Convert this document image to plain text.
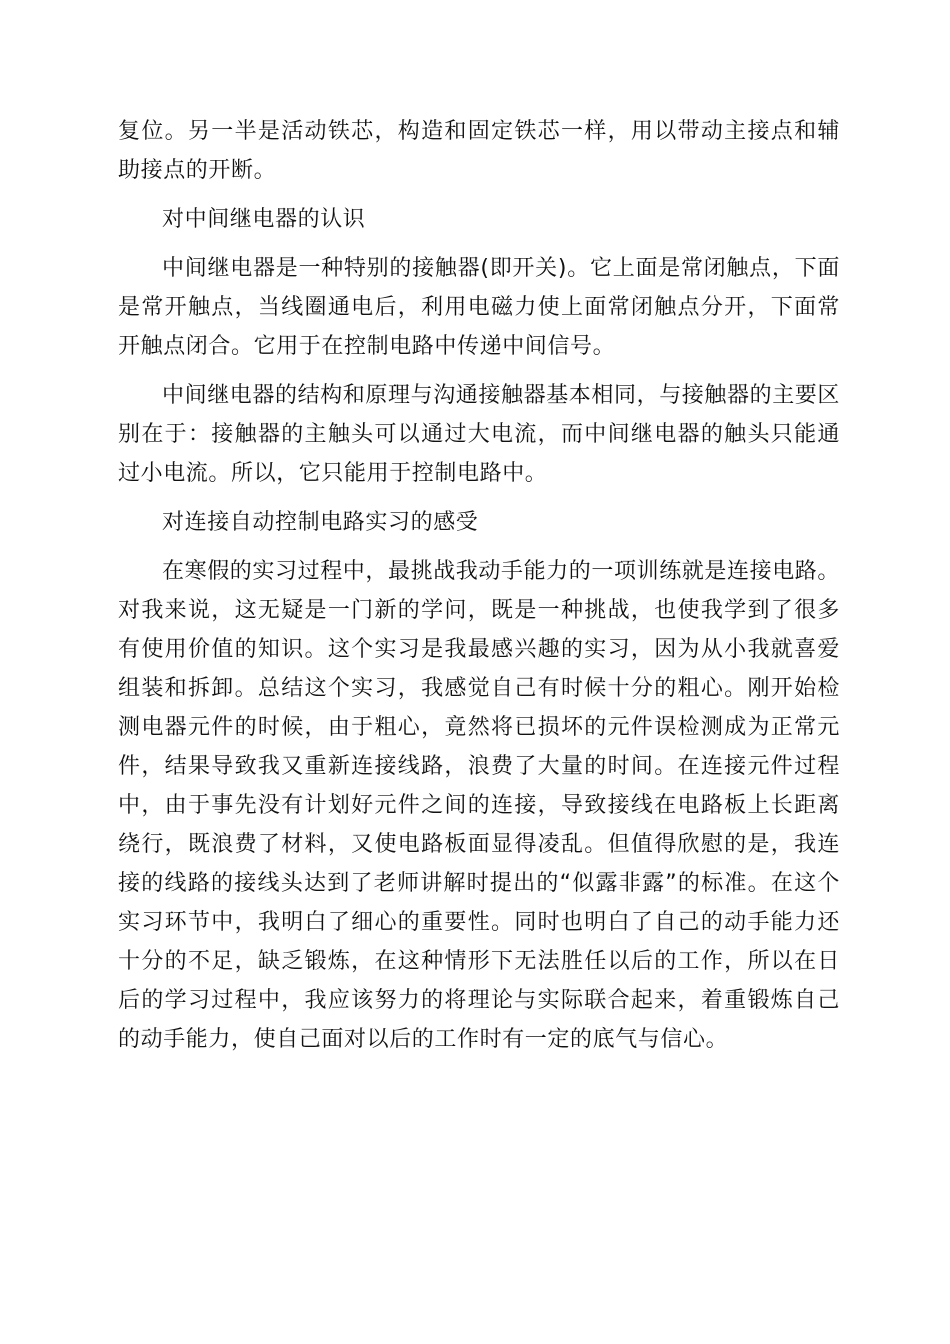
复位。另一半是活动铁芯，构造和固定铁芯一样，用以带动主接点和辅助接点的开断。

对中间继电器的认识

中间继电器是一种特别的接触器(即开关)。它上面是常闭触点，下面是常开触点，当线圈通电后，利用电磁力使上面常闭触点分开，下面常开触点闭合。它用于在控制电路中传递中间信号。

中间继电器的结构和原理与沟通接触器基本相同，与接触器的主要区别在于：接触器的主触头可以通过大电流，而中间继电器的触头只能通过小电流。所以，它只能用于控制电路中。

对连接自动控制电路实习的感受

在寒假的实习过程中，最挑战我动手能力的一项训练就是连接电路。对我来说，这无疑是一门新的学问，既是一种挑战，也使我学到了很多有使用价值的知识。这个实习是我最感兴趣的实习，因为从小我就喜爱组装和拆卸。总结这个实习，我感觉自己有时候十分的粗心。刚开始检测电器元件的时候，由于粗心，竟然将已损坏的元件误检测成为正常元件，结果导致我又重新连接线路，浪费了大量的时间。在连接元件过程中，由于事先没有计划好元件之间的连接，导致接线在电路板上长距离绕行，既浪费了材料，又使电路板面显得凌乱。但值得欣慰的是，我连接的线路的接线头达到了老师讲解时提出的“似露非露”的标准。在这个实习环节中，我明白了细心的重要性。同时也明白了自己的动手能力还十分的不足，缺乏锻炼，在这种情形下无法胜任以后的工作，所以在日后的学习过程中，我应该努力的将理论与实际联合起来，着重锻炼自己的动手能力，使自己面对以后的工作时有一定的底气与信心。
